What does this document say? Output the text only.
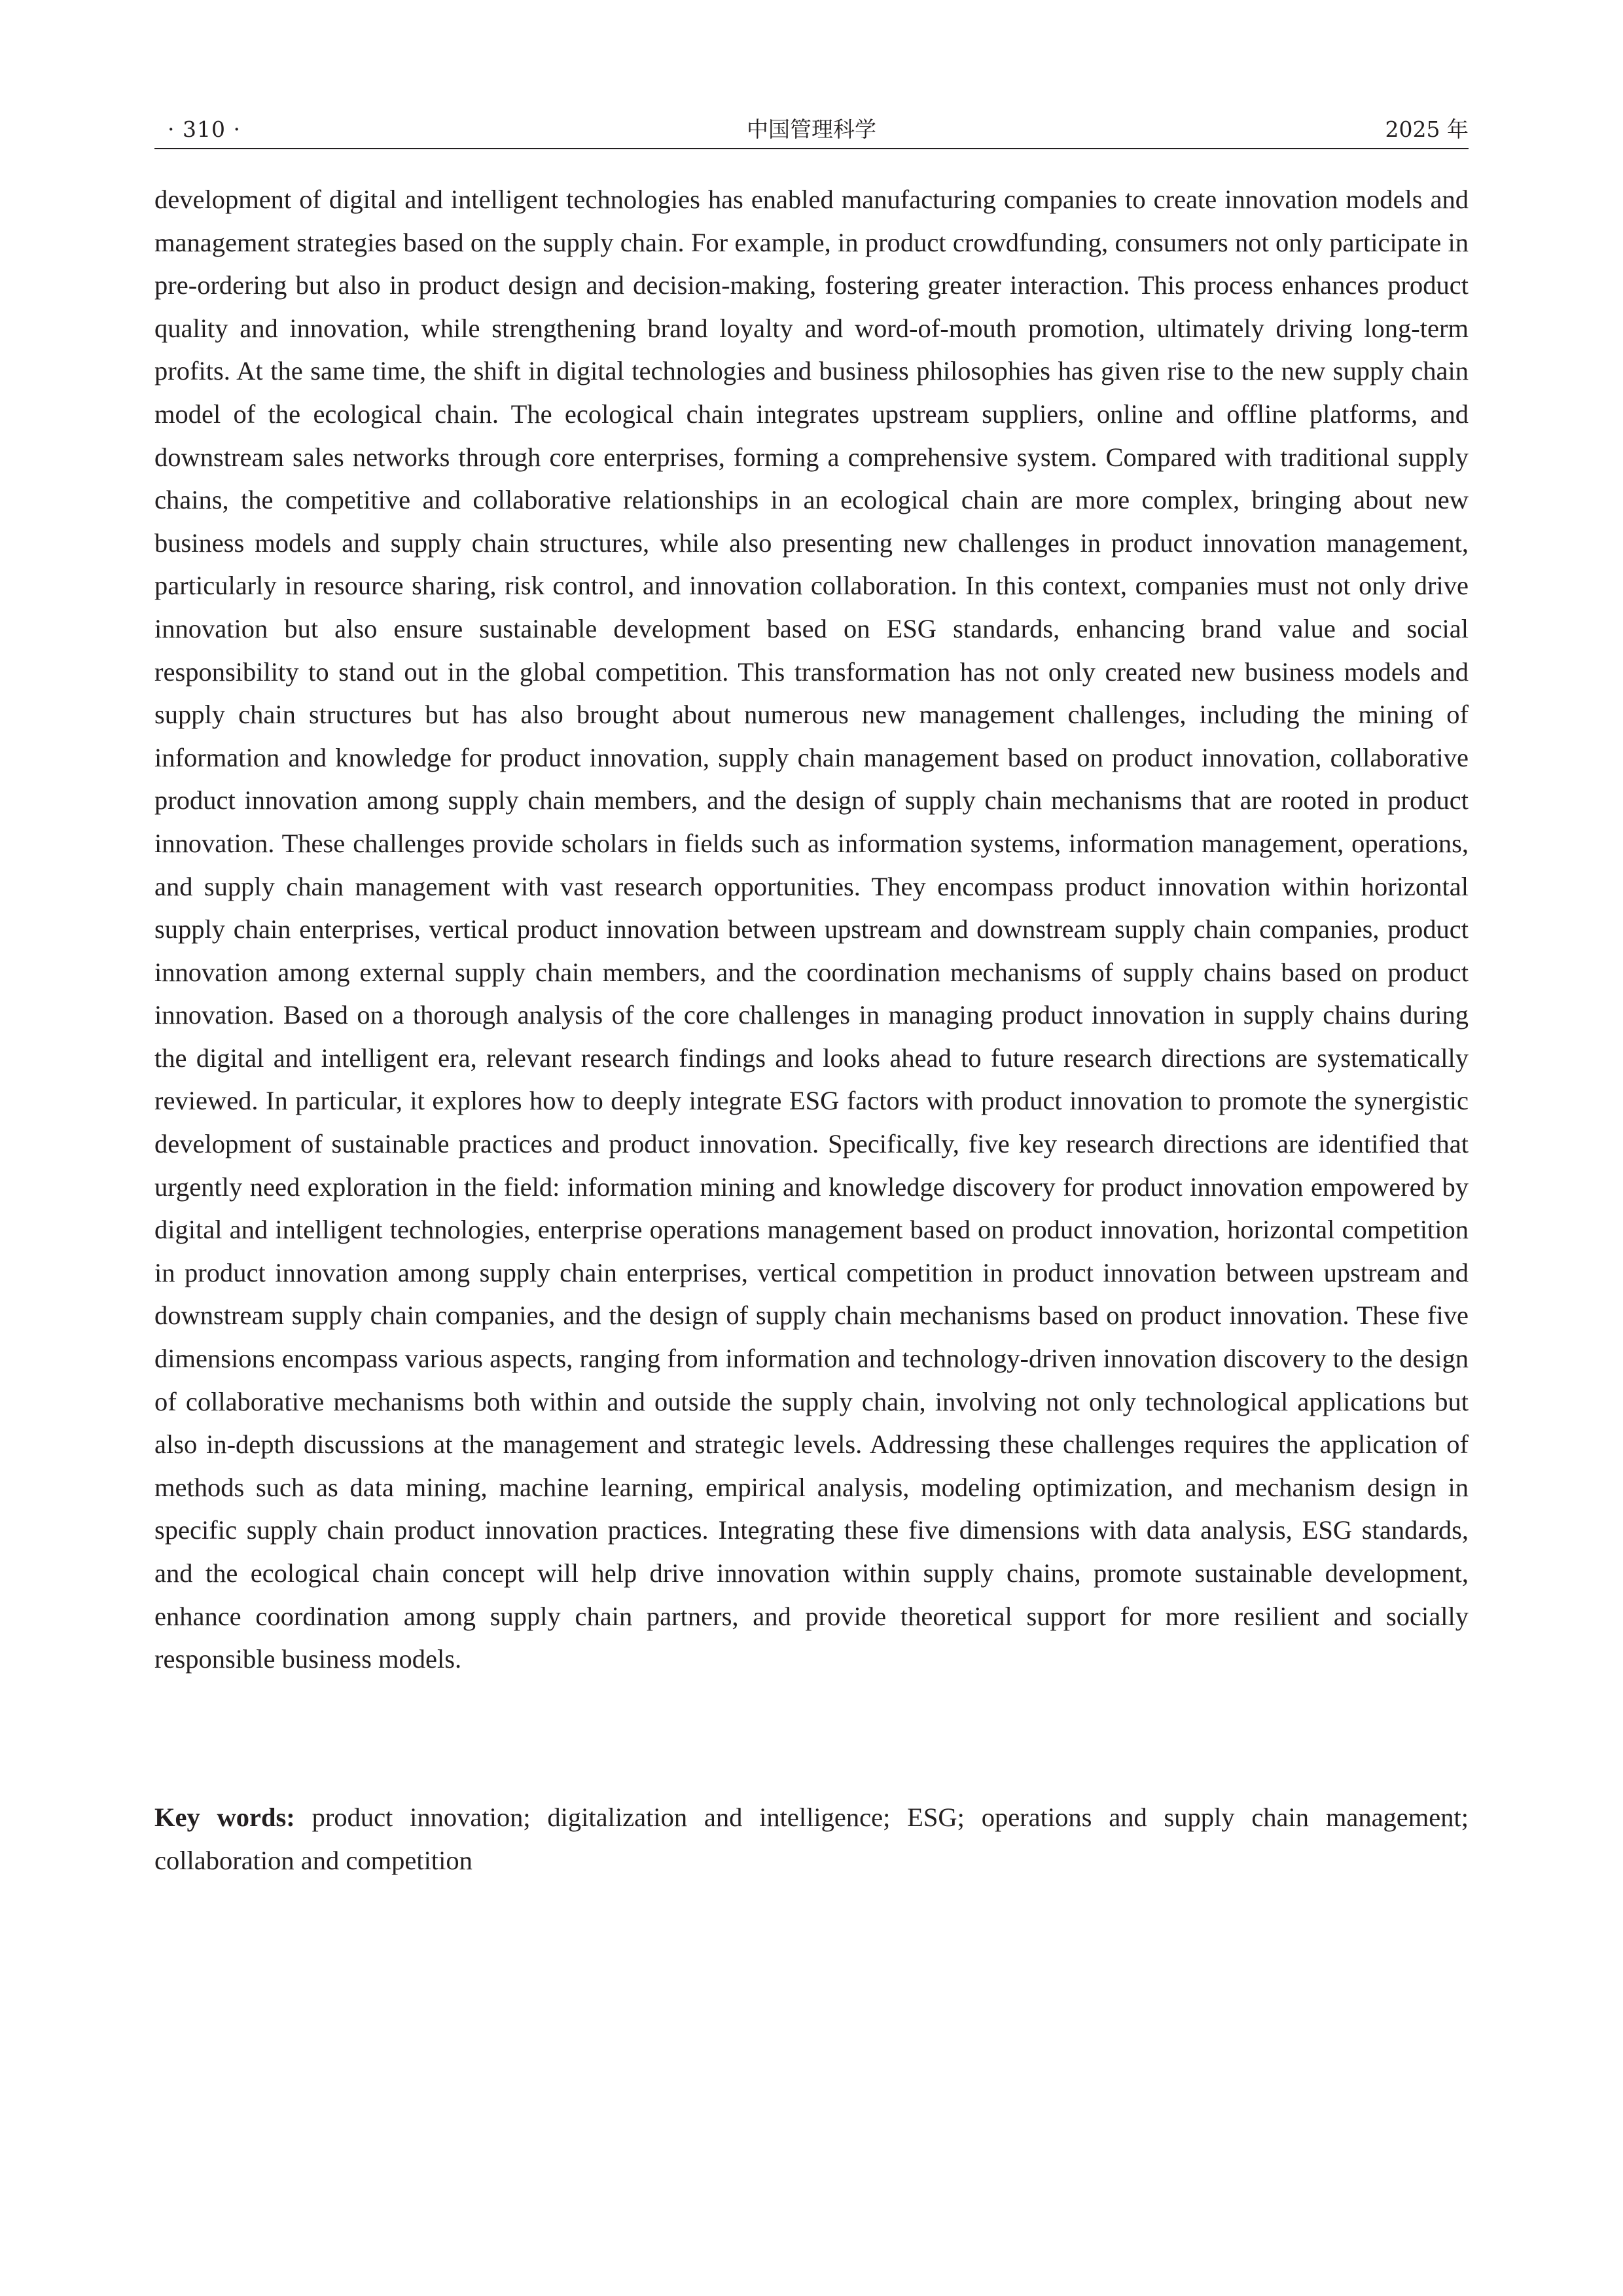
· 310 ·	中国管理科学	2025 年

development of digital and intelligent technologies has enabled manufacturing companies to create innovation models and management strategies based on the supply chain. For example, in product crowdfunding, consumers not only participate in pre-ordering but also in product design and decision-making, fostering greater interaction. This process enhances product quality and innovation, while strengthening brand loyalty and word-of-mouth promotion, ultimately driving long-term profits. At the same time, the shift in digital technologies and business philosophies has given rise to the new supply chain model of the ecological chain. The ecological chain integrates upstream suppliers, online and offline platforms, and downstream sales networks through core enterprises, forming a comprehensive system. Compared with traditional supply chains, the competitive and collaborative relationships in an ecological chain are more complex, bringing about new business models and supply chain structures, while also presenting new challenges in product innovation management, particularly in resource sharing, risk control, and innovation collaboration. In this context, companies must not only drive innovation but also ensure sustainable development based on ESG standards, enhancing brand value and social responsibility to stand out in the global competition. This transformation has not only created new business models and supply chain structures but has also brought about numerous new management challenges, including the mining of information and knowledge for product innovation, supply chain management based on product innovation, collaborative product innovation among supply chain members, and the design of supply chain mechanisms that are rooted in product innovation. These challenges provide scholars in fields such as information systems, information management, operations, and supply chain management with vast research opportunities. They encompass product innovation within horizontal supply chain enterprises, vertical product innovation between upstream and downstream supply chain companies, product innovation among external supply chain members, and the coordination mechanisms of supply chains based on product innovation. Based on a thorough analysis of the core challenges in managing product innovation in supply chains during the digital and intelligent era, relevant research findings and looks ahead to future research directions are systematically reviewed. In particular, it explores how to deeply integrate ESG factors with product innovation to promote the synergistic development of sustainable practices and product innovation. Specifically, five key research directions are identified that urgently need exploration in the field: information mining and knowledge discovery for product innovation empowered by digital and intelligent technologies, enterprise operations management based on product innovation, horizontal competition in product innovation among supply chain enterprises, vertical competition in product innovation between upstream and downstream supply chain companies, and the design of supply chain mechanisms based on product innovation. These five dimensions encompass various aspects, ranging from information and technology-driven innovation discovery to the design of collaborative mechanisms both within and outside the supply chain, involving not only technological applications but also in-depth discussions at the management and strategic levels. Addressing these challenges requires the application of methods such as data mining, machine learning, empirical analysis, modeling optimization, and mechanism design in specific supply chain product innovation practices. Integrating these five dimensions with data analysis, ESG standards, and the ecological chain concept will help drive innovation within supply chains, promote sustainable development, enhance coordination among supply chain partners, and provide theoretical support for more resilient and socially responsible business models.

Key words: product innovation; digitalization and intelligence; ESG; operations and supply chain management; collaboration and competition
